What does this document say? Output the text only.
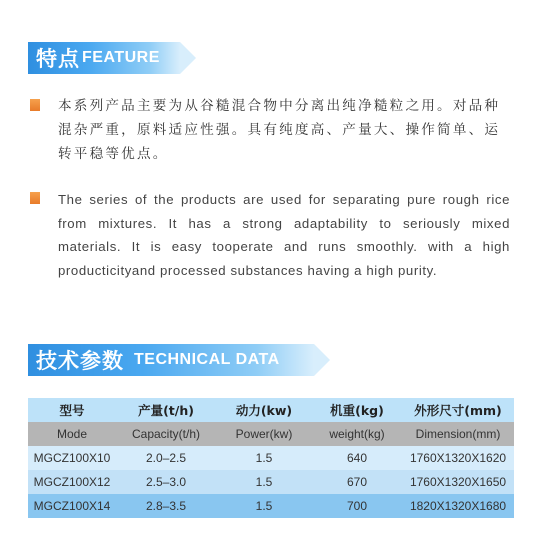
特点 FEATURE
本系列产品主要为从谷糙混合物中分离出纯净糙粒之用。对品种混杂严重，原料适应性强。具有纯度高、产量大、操作简单、运转平稳等优点。
The series of the products are used for separating pure rough rice from mixtures. It has a strong adaptability to seriously mixed materials. It is easy tooperate and runs smoothly. with a high producticityand processed substances having a high purity.
技术参数 TECHNICAL DATA
型号	产量(t/h)	动力(kw)	机重(kg)	外形尺寸(mm)
Mode	Capacity(t/h)	Power(kw)	weight(kg)	Dimension(mm)
MGCZ100X10	2.0–2.5	1.5	640	1760X1320X1620
MGCZ100X12	2.5–3.0	1.5	670	1760X1320X1650
MGCZ100X14	2.8–3.5	1.5	700	1820X1320X1680
